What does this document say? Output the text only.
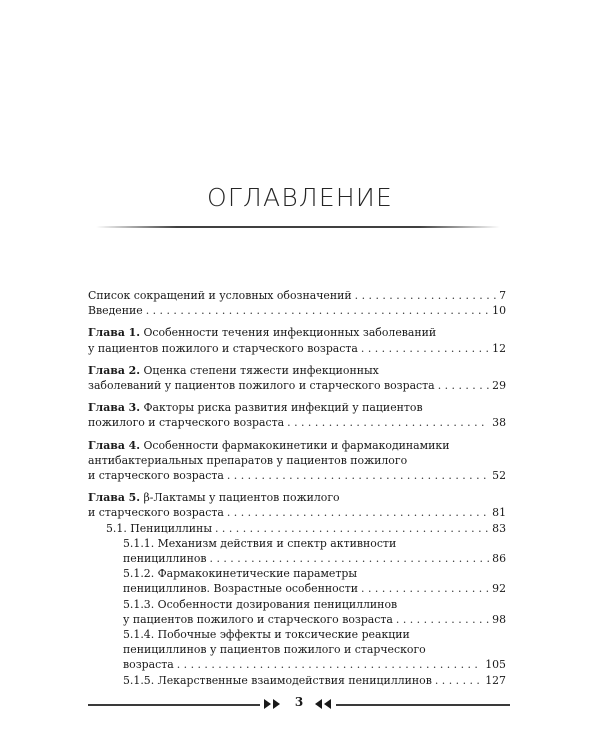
ОГЛАВЛЕНИЕ
Список сокращений и условных обозначений . . .	7
Введение . . .	10
Глава 1. Особенности течения инфекционных заболеваний
у пациентов пожилого и старческого возраста . . .	12
Глава 2. Оценка степени тяжести инфекционных
заболеваний у пациентов пожилого и старческого возраста . . .	29
Глава 3. Факторы риска развития инфекций у пациентов
пожилого и старческого возраста . . .	38
Глава 4. Особенности фармакокинетики и фармакодинамики
антибактериальных препаратов у пациентов пожилого
и старческого возраста . . .	52
Глава 5. β-Лактамы у пациентов пожилого
и старческого возраста . . .	81
5.1. Пенициллины . . .	83
5.1.1. Механизм действия и спектр активности
пенициллинов . . .	86
5.1.2. Фармакокинетические параметры
пенициллинов. Возрастные особенности . . .	92
5.1.3. Особенности дозирования пенициллинов
у пациентов пожилого и старческого возраста . . .	98
5.1.4. Побочные эффекты и токсические реакции
пенициллинов у пациентов пожилого и старческого
возраста . . .	105
5.1.5. Лекарственные взаимодействия пенициллинов . . .	127
3
